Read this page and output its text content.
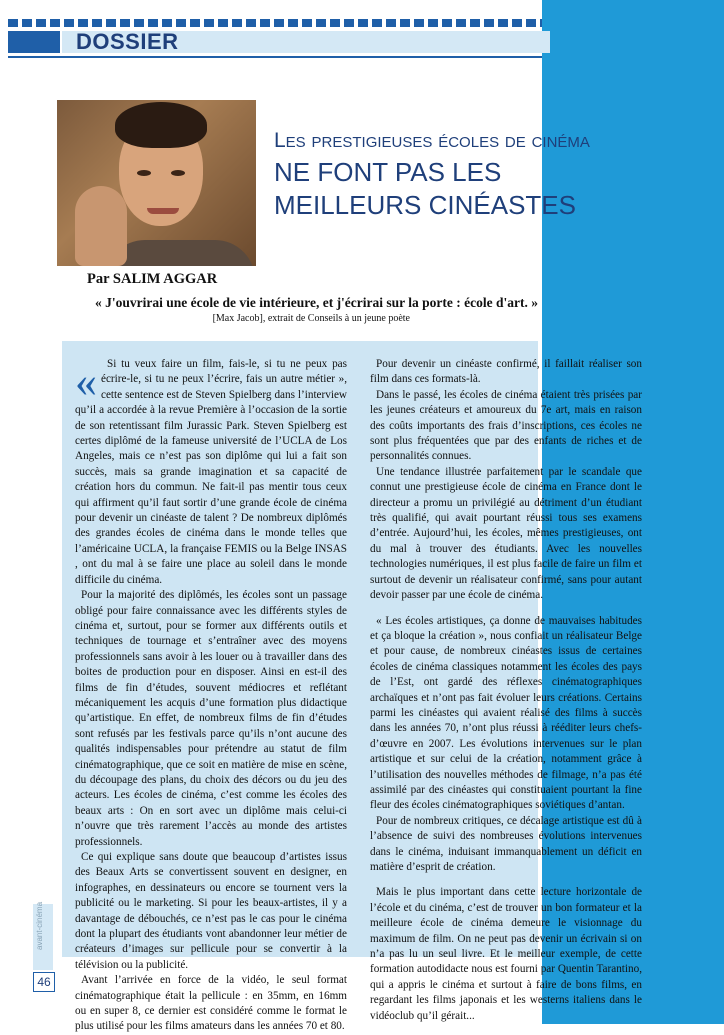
DOSSIER
Les prestigieuses écoles de cinéma
NE FONT PAS LES
MEILLEURS CINÉASTES
Par SALIM AGGAR
« J'ouvrirai une école de vie intérieure, et j'écrirai sur la porte : école d'art. »
[Max Jacob], extrait de Conseils à un jeune poète
« Si tu veux faire un film, fais-le, si tu ne peux pas écrire-le, si tu ne peux l’écrire, fais un autre métier », cette sentence est de Steven Spielberg dans l’interview qu’il a accordée à la revue Première à l’occasion de la sortie de son retentissant film Jurassic Park. Steven Spielberg est certes diplômé de la fameuse université de l’UCLA de Los Angeles, mais ce n’est pas son diplôme qui lui a fait son succès, mais sa grande imagination et sa capacité de création hors du commun. Ne fait-il pas mentir tous ceux qui affirment qu’il faut sortir d’une grande école de cinéma pour devenir un cinéaste de talent ? De nombreux diplômés des grandes écoles de cinéma dans le monde telles que l’américaine UCLA, la française FEMIS ou la Belge INSAS , ont du mal à se faire une place au soleil dans le monde difficile du cinéma.

Pour la majorité des diplômés, les écoles sont un passage obligé pour faire connaissance avec les différents styles de cinéma et, surtout, pour se former aux différents outils et techniques de tournage et s’entraîner avec des moyens professionnels sans avoir à les louer ou à travailler dans des boites de production pour en disposer. Ainsi en est-il des films de fin d’études, souvent médiocres et reflétant mécaniquement les acquis d’une formation plus didactique qu’artistique. En effet, de nombreux films de fin d’études sont refusés par les festivals parce qu’ils n’ont aucune des qualités indispensables pour prétendre au statut de film cinématographique, que ce soit en matière de mise en scène, du découpage des plans, du choix des décors ou du jeu des acteurs. Les écoles de cinéma, c’est comme les écoles des beaux arts : On en sort avec un diplôme mais celui-ci n’ouvre que très rarement l’accès au monde des artistes professionnels.

Ce qui explique sans doute que beaucoup d’artistes issus des Beaux Arts se convertissent souvent en designer, en infographes, en dessinateurs ou encore se tournent vers la publicité ou le marketing. Si pour les beaux-artistes, il y a davantage de débouchés, ce n’est pas le cas pour le cinéma dont la plupart des étudiants vont abandonner leur métier de créateurs d’images sur pellicule pour se convertir à la télévision ou la publicité.

Avant l’arrivée en force de la vidéo, le seul format cinématographique était la pellicule : en 35mm, en 16mm ou en super 8, ce dernier est considéré comme le format le plus utilisé pour les films amateurs dans les années 70 et 80.

Pour devenir un cinéaste confirmé, il faillait réaliser son film dans ces formats-là.

Dans le passé, les écoles de cinéma étaient très prisées par les jeunes créateurs et amoureux du 7e art, mais en raison des coûts importants des frais d’inscriptions, ces écoles ne sont plus fréquentées que par des enfants de riches et de personnalités connues.

Une tendance illustrée parfaitement par le scandale que connut une prestigieuse école de cinéma en France dont le directeur a promu un privilégié au détriment d’un étudiant très qualifié, qui avait pourtant réussi tous ses examens d’entrée. Aujourd’hui, les écoles, mêmes prestigieuses, ont du mal à trouver des étudiants. Avec les nouvelles technologies numériques, il est plus facile de faire un film et surtout de devenir un réalisateur confirmé, sans pour autant devoir passer par une école de cinéma.

« Les écoles artistiques, ça donne de mauvaises habitudes et ça bloque la création », nous confiait un réalisateur Belge et pour cause, de nombreux cinéastes issus de certaines écoles de cinéma classiques notamment les écoles des pays de l’Est, ont gardé des réflexes cinématographiques archaïques et n’ont pas fait évoluer leurs créations. Certains parmi les cinéastes qui avaient réalisé des films à succès dans les années 70, n’ont plus réussi à rééditer leurs chefs-d’œuvre en 2007. Les évolutions intervenues sur le plan artistique et sur celui de la création, notamment grâce à l’utilisation des nouvelles méthodes de filmage, n’a pas été assimilé par des cinéastes qui constituaient pourtant la fine fleur des écoles cinématographiques soviétiques d’antan.

Pour de nombreux critiques, ce décalage artistique est dû à l’absence de suivi des nombreuses évolutions intervenues dans le cinéma, induisant immanquablement un déficit en matière d’esprit de création.

Mais le plus important dans cette lecture horizontale de l’école et du cinéma, c’est de trouver un bon formateur et la meilleure école de cinéma demeure le visionnage du maximum de film. On ne peut pas devenir un écrivain si on n’a pas lu un seul livre. Et le meilleur exemple, de cette formation autodidacte nous est fourni par Quentin Tarantino, qui a appris le cinéma et surtout à faire de bons films, en regardant les films japonais et les westerns italiens dans le vidéoclub qu’il gérait...

avant-cinéma
46
